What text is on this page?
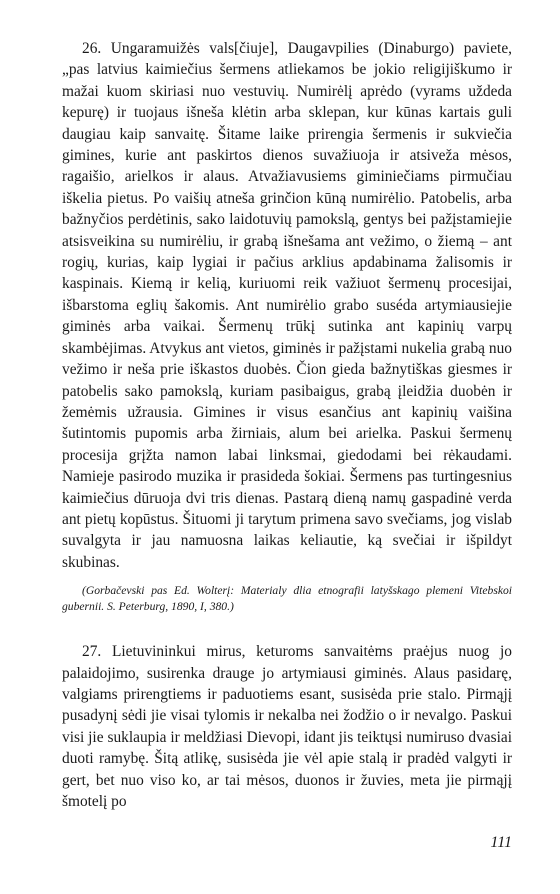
26. Ungaramuižės vals[čiuje], Daugavpilies (Dinaburgo) paviete, „pas latvius kaimiečius šermens atliekamos be jokio religijiškumo ir mažai kuom skiriasi nuo vestuvių. Numirėlį aprėdo (vyrams uždeda kepurę) ir tuojaus išneša klėtin arba sklepan, kur kūnas kartais guli daugiau kaip sanvaitę. Šitame laike prirengia šermenis ir sukviečia gimines, kurie ant paskirtos dienos suvažiuoja ir atsiveža mėsos, ragaišio, arielkos ir alaus. Atvažiavusiems giminiečiams pirmučiau iškelia pietus. Po vaišių atneša grinčion kūną numirėlio. Patobelis, arba bažnyčios perdėtinis, sako laidotuvių pamokslą, gentys bei pažįstamiejie atsisveikina su numirėliu, ir grabą išnešama ant vežimo, o žiemą – ant rogių, kurias, kaip lygiai ir pačius arklius apdabinama žalisomis ir kaspinais. Kiemą ir kelią, kuriuomi reik važiuot šermenų procesijai, išbarstoma eglių šakomis. Ant numirėlio grabo suséda artymiausiejie giminės arba vaikai. Šermenų trūkį sutinka ant kapinių varpų skambėjimas. Atvykus ant vietos, giminės ir pažįstami nukelia grabą nuo vežimo ir neša prie iškastos duobės. Čion gieda bažnytiškas giesmes ir patobelis sako pamokslą, kuriam pasibaigus, grabą įleidžia duobėn ir žemėmis užrausia. Gimines ir visus esančius ant kapinių vaišina šutintomis pupomis arba žirniais, alum bei arielka. Paskui šermenų procesija grįžta namon labai linksmai, giedodami bei rėkaudami. Namieje pasirodo muzika ir prasideda šokiai. Šermens pas turtingesnius kaimiečius dūruoja dvi tris dienas. Pastarą dieną namų gaspadinė verda ant pietų kopūstus. Šituomi ji tarytum primena savo svečiams, jog vislab suvalgyta ir jau namuosna laikas keliautie, ką svečiai ir išpildyt skubinas.

(Gorbačevski pas Ed. Wolterį: Materialy dlia etnografii latyšskago plemeni Vitebskoi gubernii. S. Peterburg, 1890, I, 380.)

27. Lietuvininkui mirus, keturoms sanvaitėms praėjus nuog jo palaidojimo, susirenka drauge jo artymiausi giminės. Alaus pasidarę, valgiams prirengtiems ir paduotiems esant, susisėda prie stalo. Pirmąjį pusadynį sėdi jie visai tylomis ir nekalba nei žodžio o ir nevalgo. Paskui visi jie suklaupia ir meldžiasi Dievopi, idant jis teiktųsi numiruso dvasiai duoti ramybę. Šitą atlikę, susisėda jie vėl apie stalą ir pradėd valgyti ir gert, bet nuo viso ko, ar tai mėsos, duonos ir žuvies, meta jie pirmąjį šmotelį po

111
